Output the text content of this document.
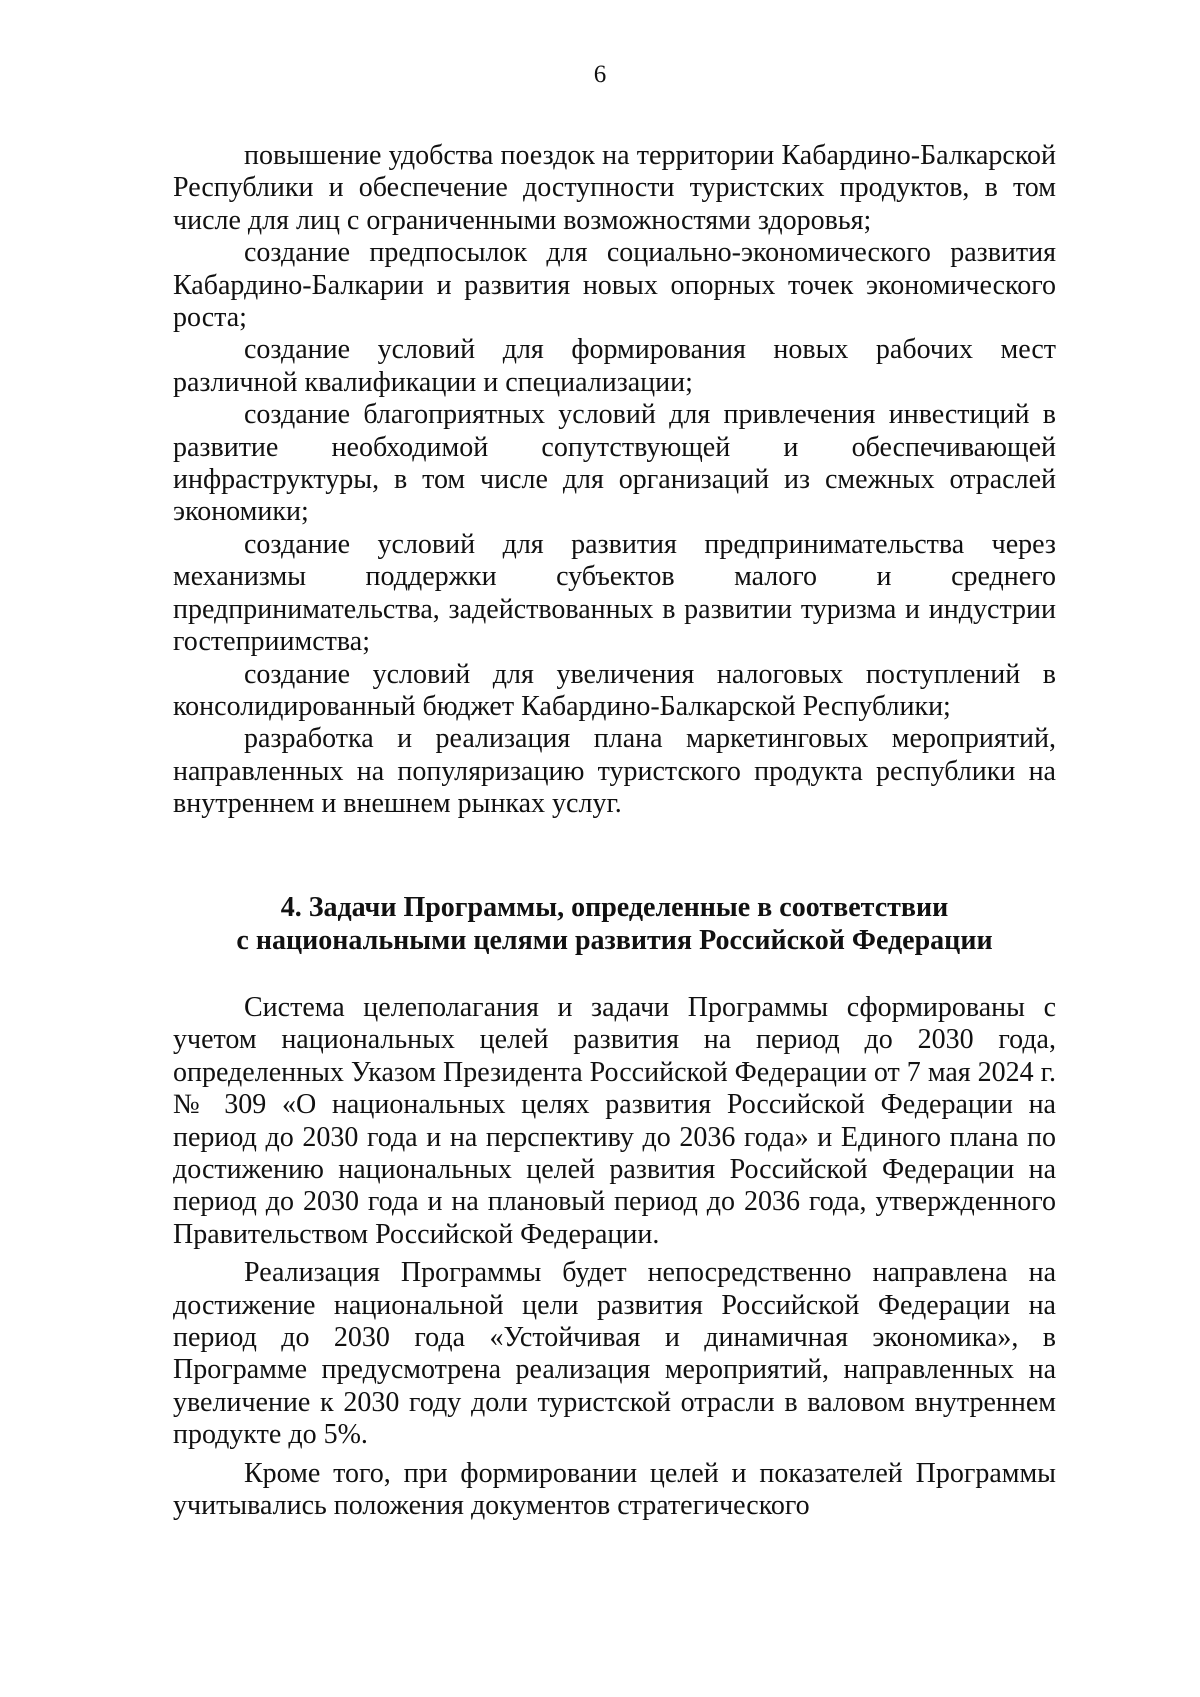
6

повышение удобства поездок на территории Кабардино-Балкарской Республики и обеспечение доступности туристских продуктов, в том числе для лиц с ограниченными возможностями здоровья;

создание предпосылок для социально-экономического развития Кабардино-Балкарии и развития новых опорных точек экономического роста;

создание условий для формирования новых рабочих мест различной квалификации и специализации;

создание благоприятных условий для привлечения инвестиций в развитие необходимой сопутствующей и обеспечивающей инфраструктуры, в том числе для организаций из смежных отраслей экономики;

создание условий для развития предпринимательства через механизмы поддержки субъектов малого и среднего предпринимательства, задействованных в развитии туризма и индустрии гостеприимства;

создание условий для увеличения налоговых поступлений в консолидированный бюджет Кабардино-Балкарской Республики;

разработка и реализация плана маркетинговых мероприятий, направленных на популяризацию туристского продукта республики на внутреннем и внешнем рынках услуг.

4. Задачи Программы, определенные в соответствии
с национальными целями развития Российской Федерации

Система целеполагания и задачи Программы сформированы с учетом национальных целей развития на период до 2030 года, определенных Указом Президента Российской Федерации от 7 мая 2024 г. № 309 «О национальных целях развития Российской Федерации на период до 2030 года и на перспективу до 2036 года» и Единого плана по достижению национальных целей развития Российской Федерации на период до 2030 года и на плановый период до 2036 года, утвержденного Правительством Российской Федерации.

Реализация Программы будет непосредственно направлена на достижение национальной цели развития Российской Федерации на период до 2030 года «Устойчивая и динамичная экономика», в Программе предусмотрена реализация мероприятий, направленных на увеличение к 2030 году доли туристской отрасли в валовом внутреннем продукте до 5%.

Кроме того, при формировании целей и показателей Программы учитывались положения документов стратегического
